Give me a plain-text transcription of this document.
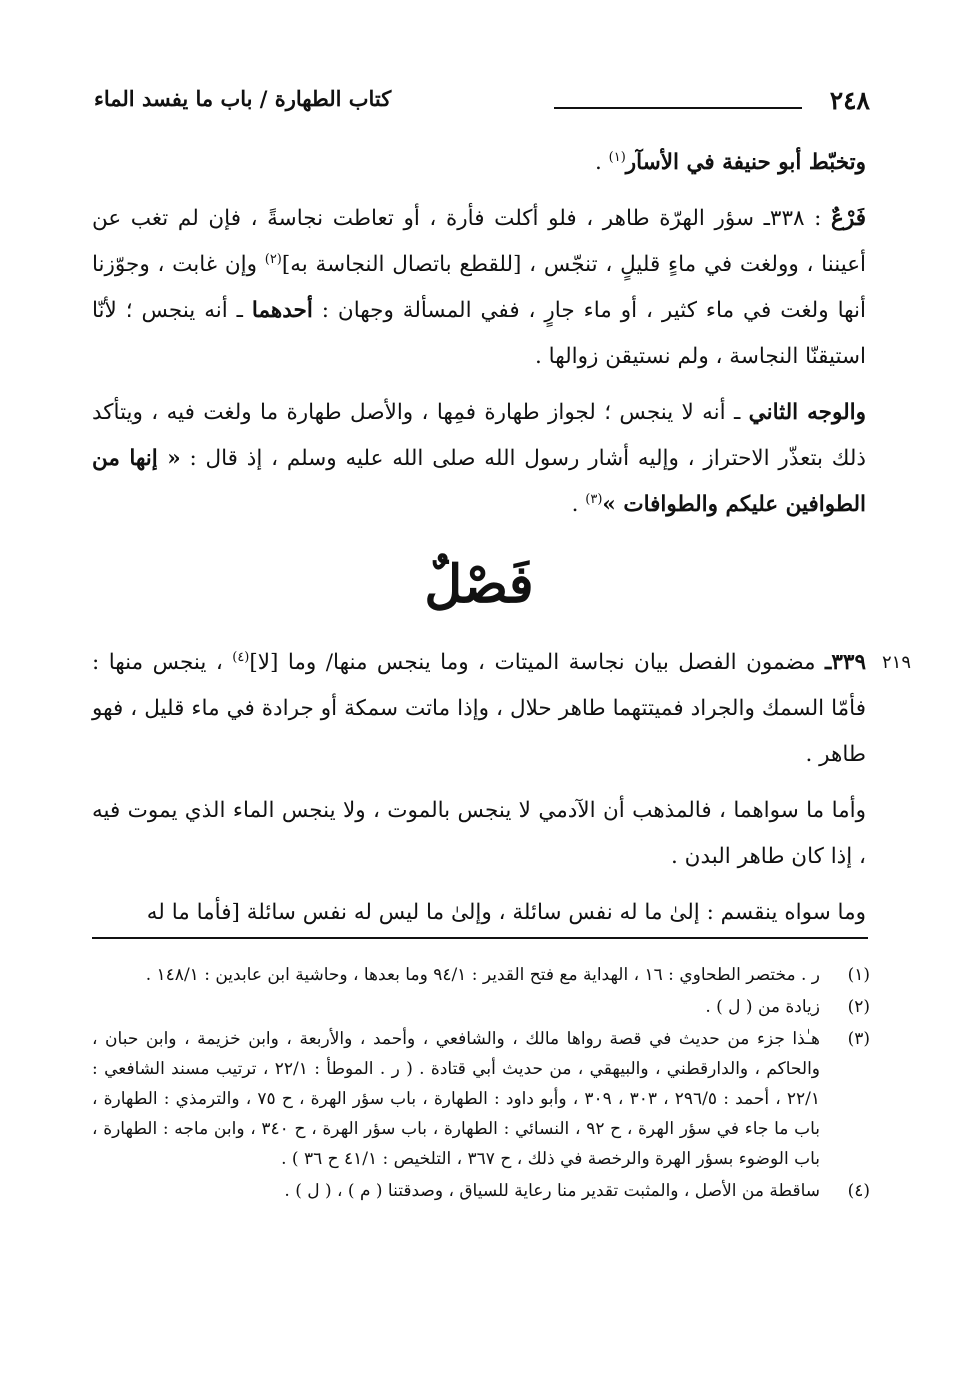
٢٤٨
كتاب الطهارة / باب ما يفسد الماء

وتخبّط أبو حنيفة في الأسآر$^{(١)}$ .

فَرْعٌ : ٣٣٨ـ سؤر الهرّة طاهر ، فلو أكلت فأرة ، أو تعاطت نجاسةً ، فإن لم تغب عن أعيننا ، وولغت في ماءٍ قليلٍ ، تنجّس ، [للقطع باتصال النجاسة به]$^{(٢)}$ وإن غابت ، وجوّزنا أنها ولغت في ماء كثير ، أو ماء جارٍ ، ففي المسألة وجهان : أحدهما ـ أنه ينجس ؛ لأنّا استيقنّا النجاسة ، ولم نستيقن زوالها .

والوجه الثاني ـ أنه لا ينجس ؛ لجواز طهارة فمِها ، والأصل طهارة ما ولغت فيه ، ويتأكد ذلك بتعذّر الاحتراز ، وإليه أشار رسول الله صلى الله عليه وسلم ، إذ قال : « إنها من الطوافين عليكم والطوافات »$^{(٣)}$ .

فَصْلٌ
٢١٩

٣٣٩ـ مضمون الفصل بيان نجاسة الميتات ، وما ينجس منها/ وما [لا]$^{(٤)}$ ، ينجس منها : فأمّا السمك والجراد فميتتهما طاهر حلال ، وإذا ماتت سمكة أو جرادة في ماء قليل ، فهو طاهر .

وأما ما سواهما ، فالمذهب أن الآدمي لا ينجس بالموت ، ولا ينجس الماء الذي يموت فيه ، إذا كان طاهر البدن .

وما سواه ينقسم : إلىٰ ما له نفس سائلة ، وإلىٰ ما ليس له نفس سائلة [فأما ما له

(١)
ر . مختصر الطحاوي : ١٦ ، الهداية مع فتح القدير : ٩٤/١ وما بعدها ، وحاشية ابن عابدين : ١٤٨/١ .

(٢)
زيادة من ( ل ) .

(٣)
هـٰذا جزء من حديث في قصة رواها مالك ، والشافعي ، وأحمد ، والأربعة ، وابن خزيمة ، وابن حبان ، والحاكم ، والدارقطني ، والبيهقي ، من حديث أبي قتادة . ( ر . الموطأ : ٢٢/١ ، ترتيب مسند الشافعي : ٢٢/١ ، أحمد : ٢٩٦/٥ ، ٣٠٣ ، ٣٠٩ ، وأبو داود : الطهارة ، باب سؤر الهرة ، ح ٧٥ ، والترمذي : الطهارة ، باب ما جاء في سؤر الهرة ، ح ٩٢ ، النسائي : الطهارة ، باب سؤر الهرة ، ح ٣٤٠ ، وابن ماجه : الطهارة ، باب الوضوء بسؤر الهرة والرخصة في ذلك ، ح ٣٦٧ ، التلخيص : ٤١/١ ح ٣٦ ) .

(٤)
ساقطة من الأصل ، والمثبت تقدير منا رعاية للسياق ، وصدقتنا ( م ) ، ( ل ) .
